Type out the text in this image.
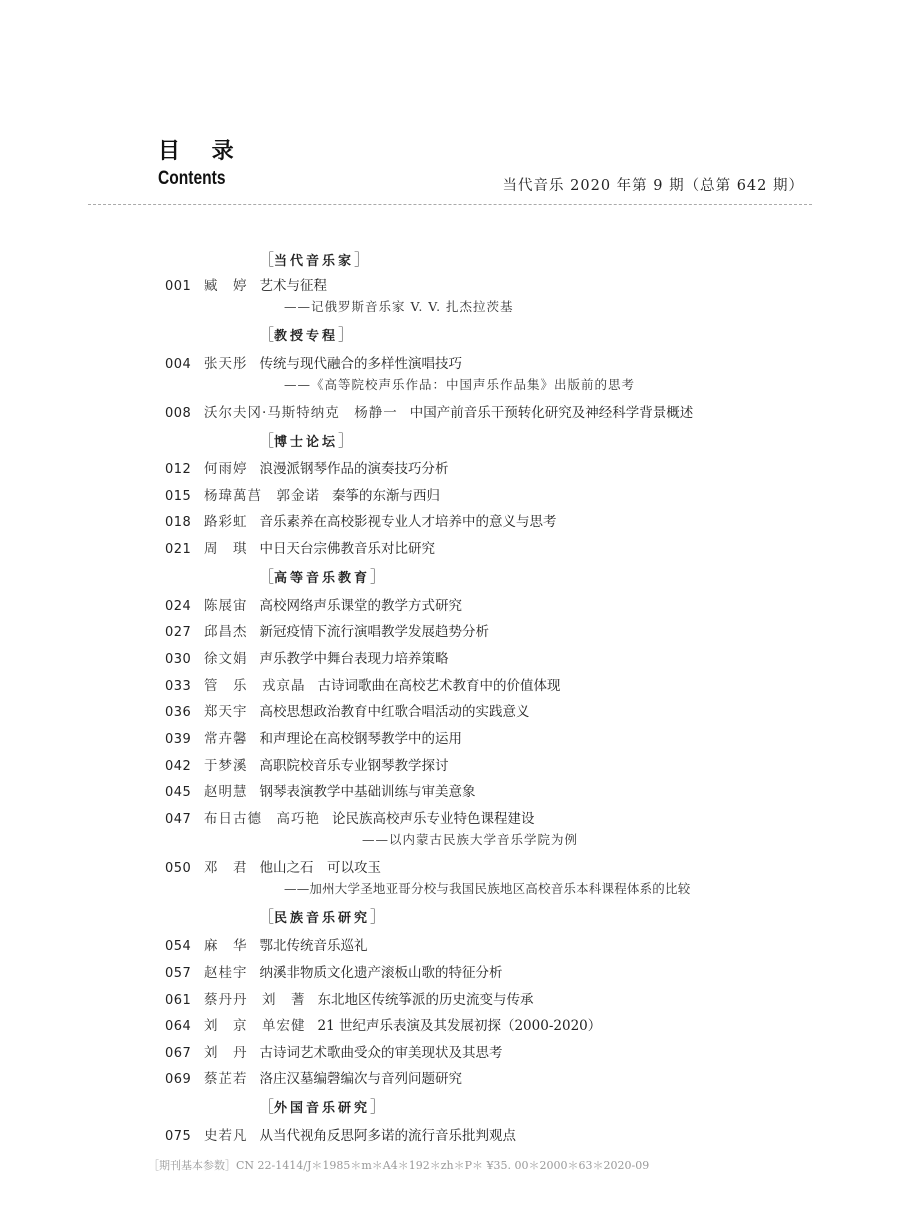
目 录
Contents	当代音乐 2020 年第 9 期（总第 642 期）
［当代音乐家］
［教授专程］
［博士论坛］
［高等音乐教育］
［民族音乐研究］
［外国音乐研究］
001 臧　婷 艺术与征程
——记俄罗斯音乐家 V. V. 扎杰拉茨基
004 张天彤 传统与现代融合的多样性演唱技巧
——《高等院校声乐作品：中国声乐作品集》出版前的思考
008 沃尔夫冈·马斯特纳克　杨静一 中国产前音乐干预转化研究及神经科学背景概述
012 何雨婷 浪漫派钢琴作品的演奏技巧分析
015 杨瑋萬莒　郭金诺 秦筝的东渐与西归
018 路彩虹 音乐素养在高校影视专业人才培养中的意义与思考
021 周　琪 中日天台宗佛教音乐对比研究
024 陈展宙 高校网络声乐课堂的教学方式研究
027 邱昌杰 新冠疫情下流行演唱教学发展趋势分析
030 徐文娟 声乐教学中舞台表现力培养策略
033 管　乐　戎京晶 古诗词歌曲在高校艺术教育中的价值体现
036 郑天宇 高校思想政治教育中红歌合唱活动的实践意义
039 常卉馨 和声理论在高校钢琴教学中的运用
042 于梦溪 高职院校音乐专业钢琴教学探讨
045 赵明慧 钢琴表演教学中基础训练与审美意象
047 布日古德　高巧艳 论民族高校声乐专业特色课程建设
——以内蒙古民族大学音乐学院为例
050 邓　君 他山之石　可以攻玉
——加州大学圣地亚哥分校与我国民族地区高校音乐本科课程体系的比较
054 麻　华 鄂北传统音乐巡礼
057 赵桂宇 纳溪非物质文化遗产滚板山歌的特征分析
061 蔡丹丹　刘　蓍 东北地区传统筝派的历史流变与传承
064 刘　京　单宏健 21 世纪声乐表演及其发展初探（2000-2020）
067 刘　丹 古诗词艺术歌曲受众的审美现状及其思考
069 蔡芷若 洛庄汉墓编磬编次与音列问题研究
075 史若凡 从当代视角反思阿多诺的流行音乐批判观点
［期刊基本参数］CN 22-1414/J＊1985＊m＊A4＊192＊zh＊P＊ ¥35. 00＊2000＊63＊2020-09
